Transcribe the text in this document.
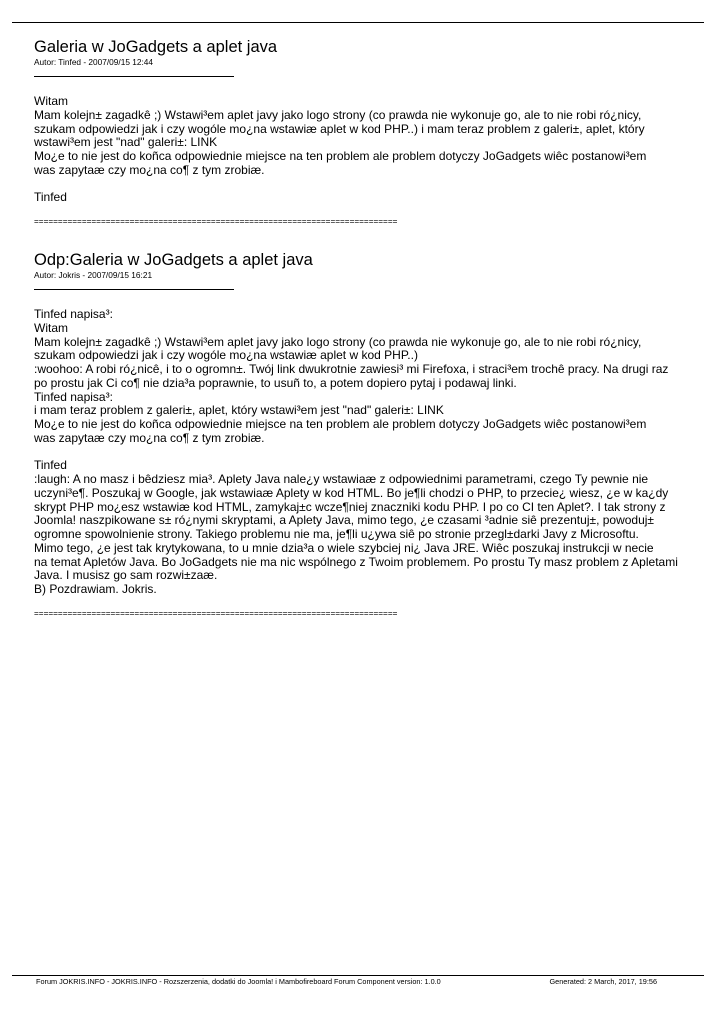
Galeria w JoGadgets a aplet java
Autor: Tinfed - 2007/09/15 12:44
Witam
Mam kolejn± zagadkê ;) Wstawi³em aplet javy jako logo strony (co prawda nie wykonuje go, ale to nie robi ró¿nicy,
szukam odpowiedzi jak i czy wogóle mo¿na wstawiæ aplet w kod PHP..) i mam teraz problem z galeri±, aplet, który
wstawi³em jest "nad" galeri±: LINK
Mo¿e to nie jest do koñca odpowiednie miejsce na ten problem ale problem dotyczy JoGadgets wiêc postanowi³em
was zapytaæ czy mo¿na co¶ z tym zrobiæ.

Tinfed
============================================================================
Odp:Galeria w JoGadgets a aplet java
Autor: Jokris - 2007/09/15 16:21
Tinfed napisa³:
Witam
Mam kolejn± zagadkê ;) Wstawi³em aplet javy jako logo strony (co prawda nie wykonuje go, ale to nie robi ró¿nicy,
szukam odpowiedzi jak i czy wogóle mo¿na wstawiæ aplet w kod PHP..)
:woohoo: A robi ró¿nicê, i to o ogromn±. Twój link dwukrotnie zawiesi³ mi Firefoxa, i straci³em trochê pracy. Na drugi raz
po prostu jak Ci co¶ nie dzia³a poprawnie, to usuñ to, a potem dopiero pytaj i podawaj linki.
Tinfed napisa³:
i mam teraz problem z galeri±, aplet, który wstawi³em jest "nad" galeri±: LINK
Mo¿e to nie jest do koñca odpowiednie miejsce na ten problem ale problem dotyczy JoGadgets wiêc postanowi³em
was zapytaæ czy mo¿na co¶ z tym zrobiæ.

Tinfed
:laugh: A no masz i bêdziesz mia³. Aplety Java nale¿y wstawiaæ z odpowiednimi parametrami, czego Ty pewnie nie
uczyni³e¶. Poszukaj w Google, jak wstawiaæ Aplety w kod HTML. Bo je¶li chodzi o PHP, to przecie¿ wiesz, ¿e w ka¿dy
skrypt PHP mo¿esz wstawiæ kod HTML, zamykaj±c wcze¶niej znaczniki kodu PHP. I po co CI ten Aplet?. I tak strony z
Joomla! naszpikowane s± ró¿nymi skryptami, a Aplety Java, mimo tego, ¿e czasami ³adnie siê prezentuj±, powoduj±
ogromne spowolnienie strony. Takiego problemu nie ma, je¶li u¿ywa siê po stronie przegl±darki Javy z Microsoftu.
Mimo tego, ¿e jest tak krytykowana, to u mnie dzia³a o wiele szybciej ni¿ Java JRE. Wiêc poszukaj instrukcji w necie
na temat Apletów Java. Bo JoGadgets nie ma nic wspólnego z Twoim problemem. Po prostu Ty masz problem z Apletami
Java. I musisz go sam rozwi±zaæ.
B) Pozdrawiam. Jokris.
============================================================================
Forum JOKRIS.INFO - JOKRIS.INFO - Rozszerzenia, dodatki do Joomla! i Mambofireboard Forum Component version: 1.0.0	Generated: 2 March, 2017, 19:56
